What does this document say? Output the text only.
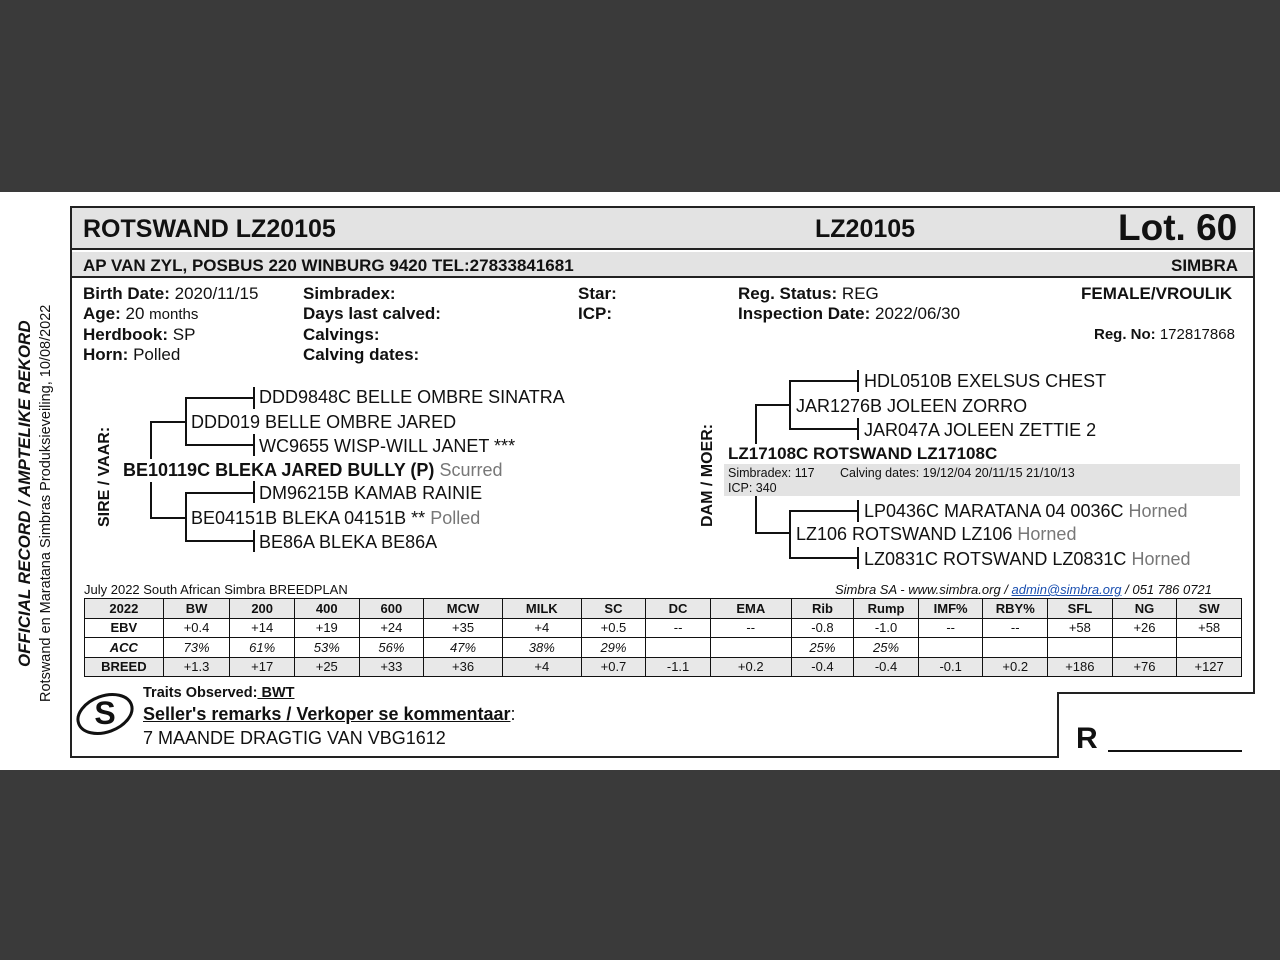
OFFICIAL RECORD / AMPTELIKE REKORD Rotswand en Maratana Simbras Produksieveiling, 10/08/2022
ROTSWAND LZ20105	LZ20105	Lot. 60
AP VAN ZYL, POSBUS 220 WINBURG 9420 TEL:27833841681	SIMBRA
Birth Date: 2020/11/15
Age: 20 months
Herdbook: SP
Horn: Polled
Simbradex:
Days last calved:
Calvings:
Calving dates:
Star:
ICP:
Reg. Status: REG
Inspection Date: 2022/06/30
FEMALE/VROULIK
Reg. No: 172817868
SIRE / VAAR:
DDD9848C BELLE OMBRE SINATRA
DDD019 BELLE OMBRE JARED
WC9655 WISP-WILL JANET ***
BE10119C BLEKA JARED BULLY (P) Scurred
DM96215B KAMAB RAINIE
BE04151B BLEKA 04151B ** Polled
BE86A BLEKA BE86A
DAM / MOER:
HDL0510B EXELSUS CHEST
JAR1276B JOLEEN ZORRO
JAR047A JOLEEN ZETTIE 2
LZ17108C ROTSWAND LZ17108C
Simbradex: 117 Calving dates: 19/12/04 20/11/15 21/10/13
ICP: 340
LP0436C MARATANA 04 0036C Horned
LZ106 ROTSWAND LZ106 Horned
LZ0831C ROTSWAND LZ0831C Horned
July 2022 South African Simbra BREEDPLAN	Simbra SA - www.simbra.org / admin@simbra.org / 051 786 0721
2022	BW	200	400	600	MCW	MILK	SC	DC	EMA	Rib	Rump	IMF%	RBY%	SFL	NG	SW
EBV	+0.4	+14	+19	+24	+35	+4	+0.5	--	--	-0.8	-1.0	--	--	+58	+26	+58
ACC	73%	61%	53%	56%	47%	38%	29%			25%	25%					
BREED	+1.3	+17	+25	+33	+36	+4	+0.7	-1.1	+0.2	-0.4	-0.4	-0.1	+0.2	+186	+76	+127
S
Traits Observed: BWT
Seller's remarks / Verkoper se kommentaar:
7 MAANDE DRAGTIG VAN VBG1612	R
